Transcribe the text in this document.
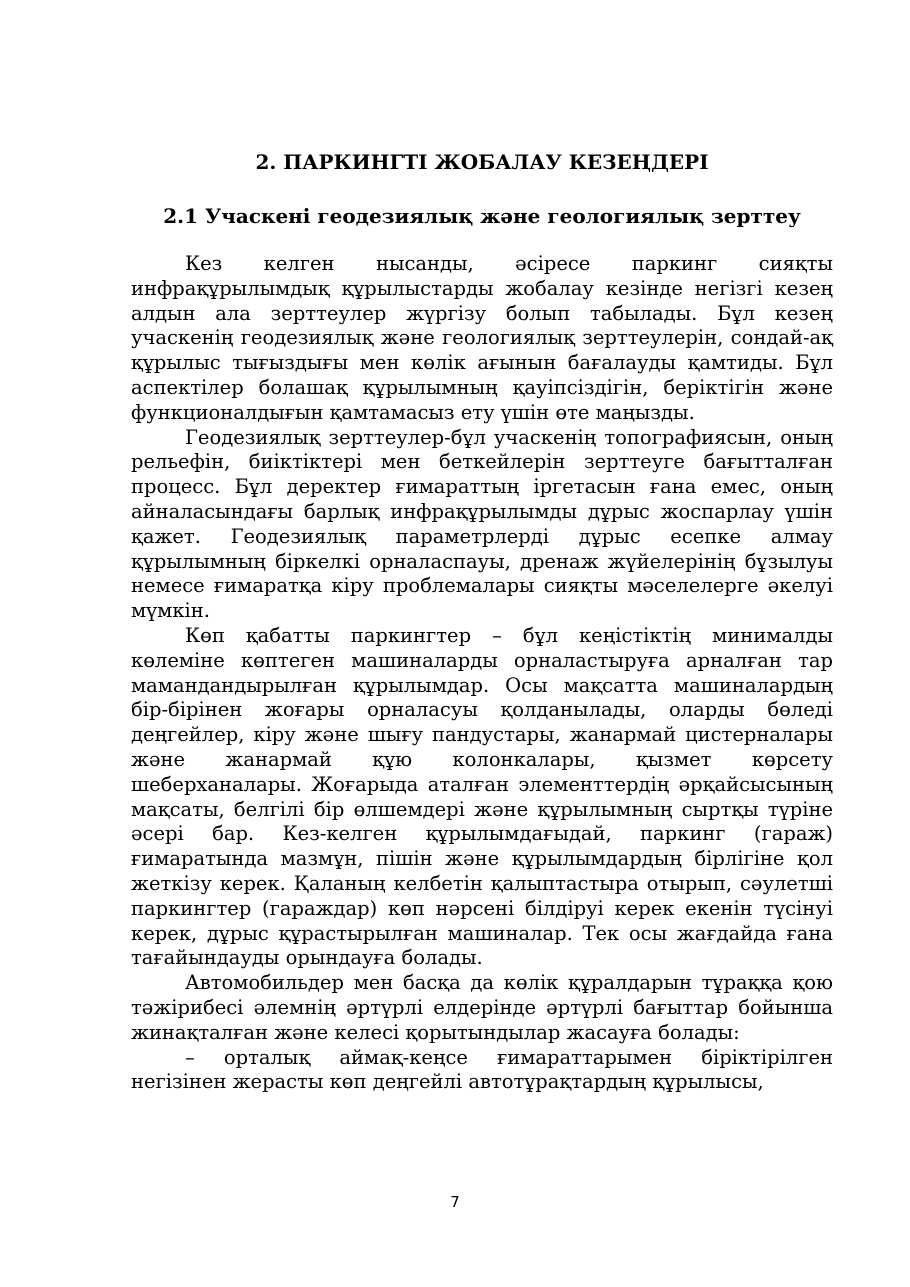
2. ПАРКИНГТІ ЖОБАЛАУ КЕЗЕҢДЕРІ
2.1 Учаскені геодезиялық және геологиялық зерттеу

Кез келген нысанды, әсіресе паркинг сияқты инфрақұрылымдық құрылыстарды жобалау кезінде негізгі кезең алдын ала зерттеулер жүргізу болып табылады. Бұл кезең учаскенің геодезиялық және геологиялық зерттеулерін, сондай-ақ құрылыс тығыздығы мен көлік ағынын бағалауды қамтиды. Бұл аспектілер болашақ құрылымның қауіпсіздігін, беріктігін және функционалдығын қамтамасыз ету үшін өте маңызды.

Геодезиялық зерттеулер-бұл учаскенің топографиясын, оның рельефін, биіктіктері мен беткейлерін зерттеуге бағытталған процесс. Бұл деректер ғимараттың іргетасын ғана емес, оның айналасындағы барлық инфрақұрылымды дұрыс жоспарлау үшін қажет. Геодезиялық параметрлерді дұрыс есепке алмау құрылымның біркелкі орналаспауы, дренаж жүйелерінің бұзылуы немесе ғимаратқа кіру проблемалары сияқты мәселелерге әкелуі мүмкін.

Көп қабатты паркингтер – бұл кеңістіктің минималды көлеміне көптеген машиналарды орналастыруға арналған тар мамандандырылған құрылымдар. Осы мақсатта машиналардың бір-бірінен жоғары орналасуы қолданылады, оларды бөледі деңгейлер, кіру және шығу пандустары, жанармай цистерналары және жанармай құю колонкалары, қызмет көрсету шеберханалары. Жоғарыда аталған элементтердің әрқайсысының мақсаты, белгілі бір өлшемдері және құрылымның сыртқы түріне әсері бар. Кез-келген құрылымдағыдай, паркинг (гараж) ғимаратында мазмұн, пішін және құрылымдардың бірлігіне қол жеткізу керек. Қаланың келбетін қалыптастыра отырып, сәулетші паркингтер (гараждар) көп нәрсені білдіруі керек екенін түсінуі керек, дұрыс құрастырылған машиналар. Тек осы жағдайда ғана тағайындауды орындауға болады.

Автомобильдер мен басқа да көлік құралдарын тұраққа қою тәжірибесі әлемнің әртүрлі елдерінде әртүрлі бағыттар бойынша жинақталған және келесі қорытындылар жасауға болады:

– орталық аймақ-кеңсе ғимараттарымен біріктірілген негізінен жерасты көп деңгейлі автотұрақтардың құрылысы,

7
